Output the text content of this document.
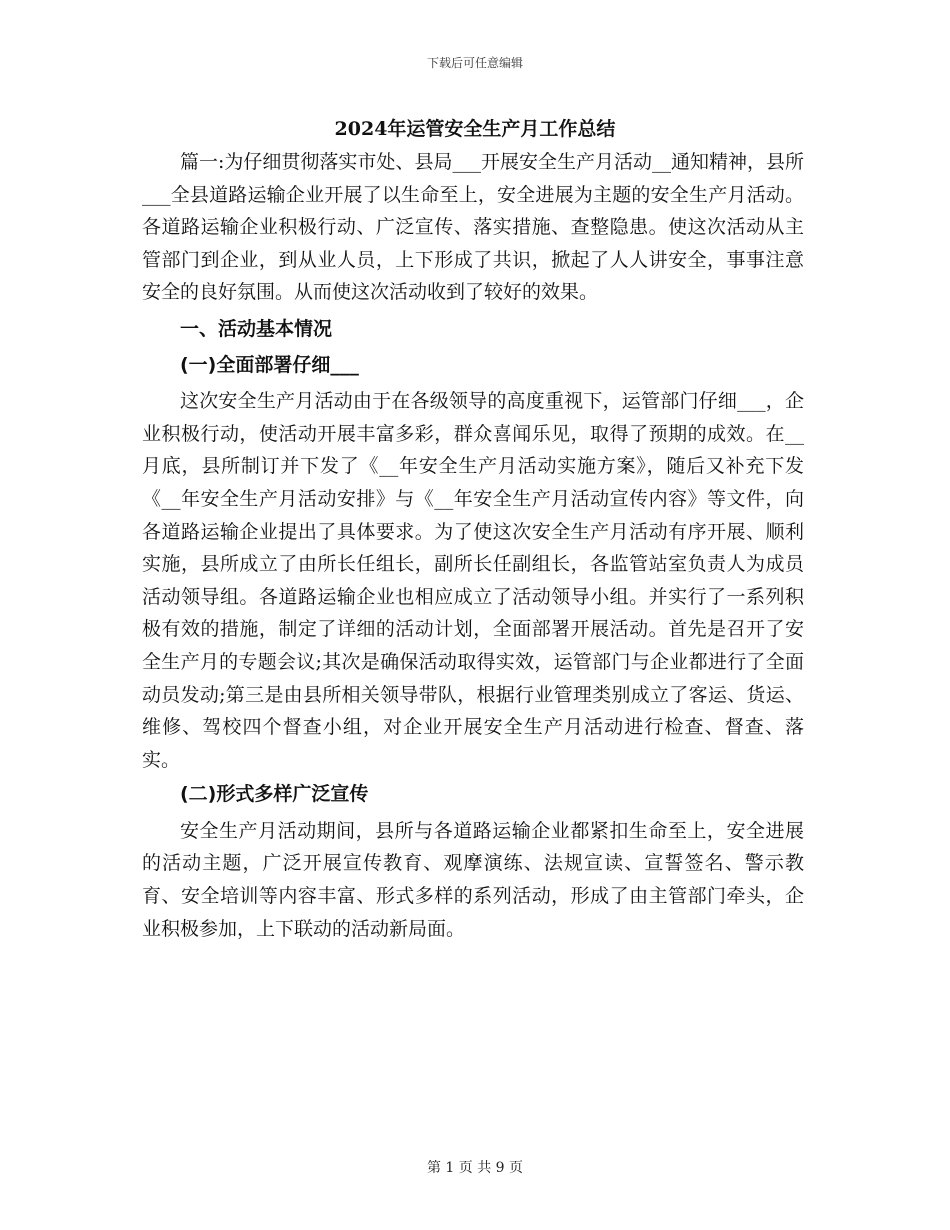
下载后可任意编辑
2024年运管安全生产月工作总结

篇一:为仔细贯彻落实市处、县局___开展安全生产月活动__通知精神，县所___全县道路运输企业开展了以生命至上，安全进展为主题的安全生产月活动。各道路运输企业积极行动、广泛宣传、落实措施、查整隐患。使这次活动从主管部门到企业，到从业人员，上下形成了共识，掀起了人人讲安全，事事注意安全的良好氛围。从而使这次活动收到了较好的效果。

一、活动基本情况

(一)全面部署仔细___

这次安全生产月活动由于在各级领导的高度重视下，运管部门仔细___，企业积极行动，使活动开展丰富多彩，群众喜闻乐见，取得了预期的成效。在__月底，县所制订并下发了《__年安全生产月活动实施方案》，随后又补充下发《__年安全生产月活动安排》与《__年安全生产月活动宣传内容》等文件，向各道路运输企业提出了具体要求。为了使这次安全生产月活动有序开展、顺利实施，县所成立了由所长任组长，副所长任副组长，各监管站室负责人为成员活动领导组。各道路运输企业也相应成立了活动领导小组。并实行了一系列积极有效的措施，制定了详细的活动计划，全面部署开展活动。首先是召开了安全生产月的专题会议;其次是确保活动取得实效，运管部门与企业都进行了全面动员发动;第三是由县所相关领导带队，根据行业管理类别成立了客运、货运、维修、驾校四个督查小组，对企业开展安全生产月活动进行检查、督查、落实。

(二)形式多样广泛宣传

安全生产月活动期间，县所与各道路运输企业都紧扣生命至上，安全进展的活动主题，广泛开展宣传教育、观摩演练、法规宣读、宣誓签名、警示教育、安全培训等内容丰富、形式多样的系列活动，形成了由主管部门牵头，企业积极参加，上下联动的活动新局面。

第 1 页 共 9 页
